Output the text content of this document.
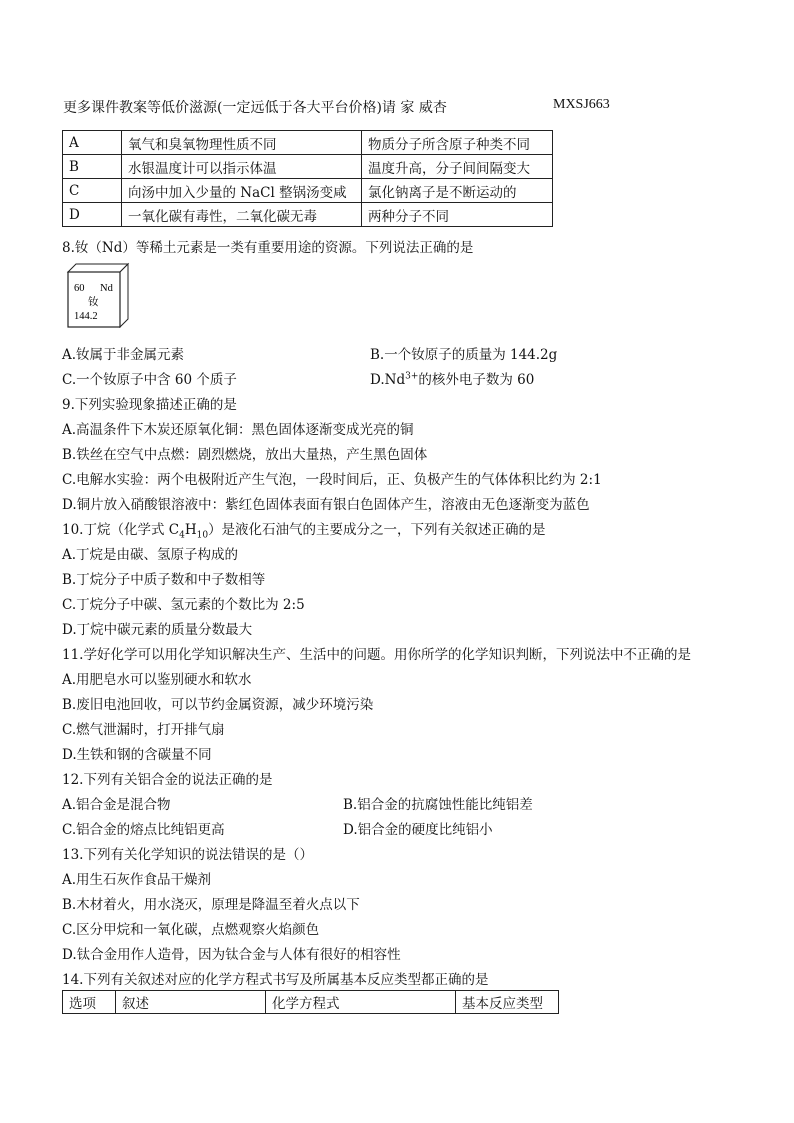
更多课件教案等低价滋源(一定远低于各大平台价格)请 家 威杏	MXSJ663
A	氧气和臭氧物理性质不同	物质分子所含原子种类不同
B	水银温度计可以指示体温	温度升高，分子间间隔变大
C	向汤中加入少量的 NaCl 整锅汤变咸	氯化钠离子是不断运动的
D	一氧化碳有毒性，二氧化碳无毒	两种分子不同
8.钕（Nd）等稀土元素是一类有重要用途的资源。下列说法正确的是
60 Nd
钕
144.2
A.钕属于非金属元素	B.一个钕原子的质量为 144.2g
C.一个钕原子中含 60 个质子	$D.Nd^{3+}$的核外电子数为 60
9.下列实验现象描述正确的是
A.高温条件下木炭还原氧化铜：黑色固体逐渐变成光亮的铜
B.铁丝在空气中点燃：剧烈燃烧，放出大量热，产生黑色固体
C.电解水实验：两个电极附近产生气泡，一段时间后，正、负极产生的气体体积比约为 2:1
D.铜片放入硝酸银溶液中：紫红色固体表面有银白色固体产生，溶液由无色逐渐变为蓝色
10.丁烷（化学式 $C_4H_{10}$）是液化石油气的主要成分之一，下列有关叙述正确的是
A.丁烷是由碳、氢原子构成的
B.丁烷分子中质子数和中子数相等
C.丁烷分子中碳、氢元素的个数比为 2:5
D.丁烷中碳元素的质量分数最大
11.学好化学可以用化学知识解决生产、生活中的问题。用你所学的化学知识判断，下列说法中不正确的是
A.用肥皂水可以鉴别硬水和软水
B.废旧电池回收，可以节约金属资源，减少环境污染
C.燃气泄漏时，打开排气扇
D.生铁和钢的含碳量不同
12.下列有关铝合金的说法正确的是
A.铝合金是混合物	B.铝合金的抗腐蚀性能比纯铝差
C.铝合金的熔点比纯铝更高	D.铝合金的硬度比纯铝小
13.下列有关化学知识的说法错误的是（）
A.用生石灰作食品干燥剂
B.木材着火，用水浇灭，原理是降温至着火点以下
C.区分甲烷和一氧化碳，点燃观察火焰颜色
D.钛合金用作人造骨，因为钛合金与人体有很好的相容性
14.下列有关叙述对应的化学方程式书写及所属基本反应类型都正确的是
选项	叙述	化学方程式	基本反应类型
